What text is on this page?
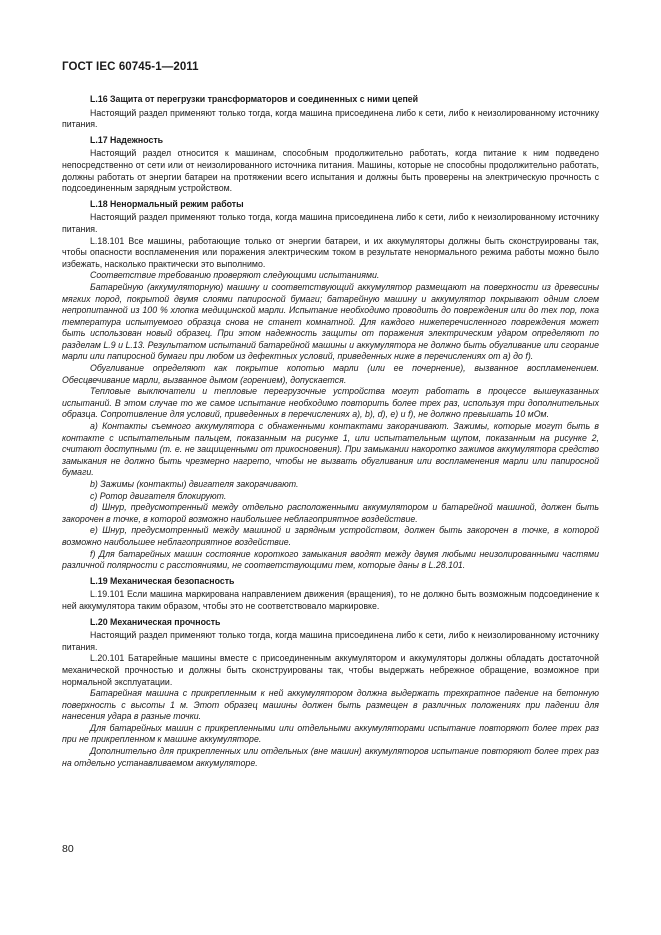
ГОСТ IEC 60745-1—2011

L.16 Защита от перегрузки трансформаторов и соединенных с ними цепей

Настоящий раздел применяют только тогда, когда машина присоединена либо к сети, либо к неизолированному источнику питания.

L.17 Надежность

Настоящий раздел относится к машинам, способным продолжительно работать, когда питание к ним подведено непосредственно от сети или от неизолированного источника питания. Машины, которые не способны продолжительно работать, должны работать от энергии батареи на протяжении всего испытания и должны быть проверены на электрическую прочность с подсоединенным зарядным устройством.

L.18 Ненормальный режим работы

Настоящий раздел применяют только тогда, когда машина присоединена либо к сети, либо к неизолированному источнику питания.

L.18.101 Все машины, работающие только от энергии батареи, и их аккумуляторы должны быть сконструированы так, чтобы опасности воспламенения или поражения электрическим током в результате ненормального режима работы можно было избежать, насколько практически это выполнимо.

Соответствие требованию проверяют следующими испытаниями.

Батарейную (аккумуляторную) машину и соответствующий аккумулятор размещают на поверхности из древесины мягких пород, покрытой двумя слоями папиросной бумаги; батарейную машину и аккумулятор покрывают одним слоем непропитанной из 100 % хлопка медицинской марли. Испытание необходимо проводить до повреждения или до тех пор, пока температура испытуемого образца снова не станет комнатной. Для каждого нижеперечисленного повреждения может быть использован новый образец. При этом надежность защиты от поражения электрическим ударом определяют по разделам L.9 и L.13. Результатом испытаний батарейной машины и аккумулятора не должно быть обугливание или сгорание марли или папиросной бумаги при любом из дефектных условий, приведенных ниже в перечислениях от а) до f).

Обугливание определяют как покрытие копотью марли (или ее почернение), вызванное воспламенением. Обесцвечивание марли, вызванное дымом (горением), допускается.

Тепловые выключатели и тепловые перегрузочные устройства могут работать в процессе вышеуказанных испытаний. В этом случае то же самое испытание необходимо повторить более трех раз, используя три дополнительных образца. Сопротивление для условий, приведенных в перечислениях a), b), d), e) и f), не должно превышать 10 мОм.

a) Контакты съемного аккумулятора с обнаженными контактами закорачивают. Зажимы, которые могут быть в контакте с испытательным пальцем, показанным на рисунке 1, или испытательным щупом, показанным на рисунке 2, считают доступными (т. е. не защищенными от прикосновения). При замыкании накоротко зажимов аккумулятора средство замыкания не должно быть чрезмерно нагрето, чтобы не вызвать обугливания или воспламенения марли или папиросной бумаги.

b) Зажимы (контакты) двигателя закорачивают.

c) Ротор двигателя блокируют.

d) Шнур, предусмотренный между отдельно расположенными аккумулятором и батарейной машиной, должен быть закорочен в точке, в которой возможно наибольшее неблагоприятное воздействие.

e) Шнур, предусмотренный между машиной и зарядным устройством, должен быть закорочен в точке, в которой возможно наибольшее неблагоприятное воздействие.

f) Для батарейных машин состояние короткого замыкания вводят между двумя любыми неизолированными частями различной полярности с расстояниями, не соответствующими тем, которые даны в L.28.101.

L.19 Механическая безопасность

L.19.101 Если машина маркирована направлением движения (вращения), то не должно быть возможным подсоединение к ней аккумулятора таким образом, чтобы это не соответствовало маркировке.

L.20 Механическая прочность

Настоящий раздел применяют только тогда, когда машина присоединена либо к сети, либо к неизолированному источнику питания.

L.20.101 Батарейные машины вместе с присоединенным аккумулятором и аккумуляторы должны обладать достаточной механической прочностью и должны быть сконструированы так, чтобы выдержать небрежное обращение, возможное при нормальной эксплуатации.

Батарейная машина с прикрепленным к ней аккумулятором должна выдержать трехкратное падение на бетонную поверхность с высоты 1 м. Этот образец машины должен быть размещен в различных положениях при падении для нанесения удара в разные точки.

Для батарейных машин с прикрепленными или отдельными аккумуляторами испытание повторяют более трех раз при не прикрепленном к машине аккумуляторе.

Дополнительно для прикрепленных или отдельных (вне машин) аккумуляторов испытание повторяют более трех раз на отдельно устанавливаемом аккумуляторе.

80
